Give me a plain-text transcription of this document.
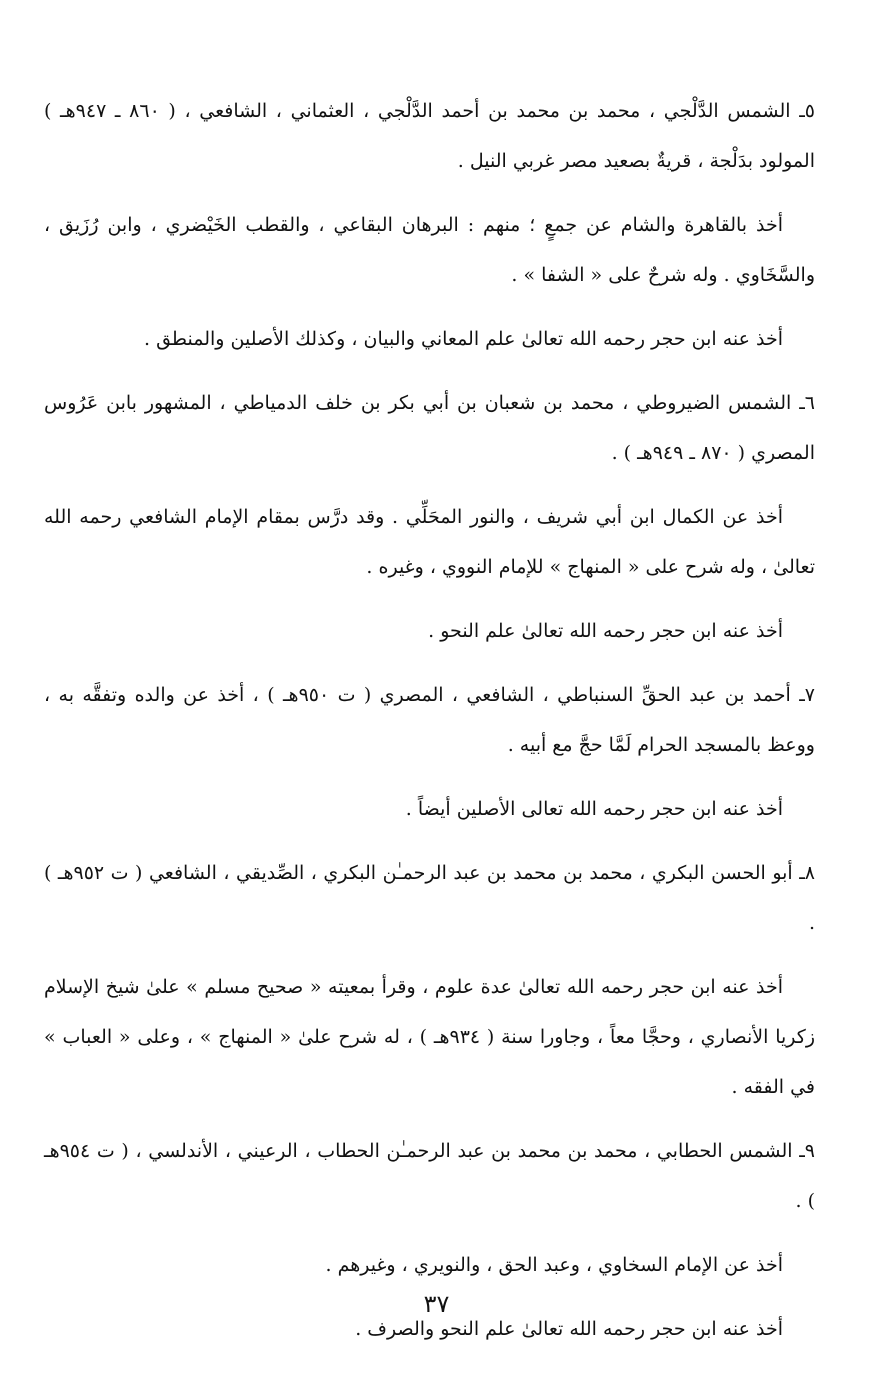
٥ـ الشمس الدَّلْجي ، محمد بن محمد بن أحمد الدَّلْجي ، العثماني ، الشافعي ، ( ٨٦٠ ـ ٩٤٧هـ ) المولود بدَلْجة ، قريةٌ بصعيد مصر غربي النيل .

أخذ بالقاهرة والشام عن جمعٍ ؛ منهم : البرهان البقاعي ، والقطب الخَيْضري ، وابن رُزَيق ، والسَّخَاوي . وله شرحٌ على « الشفا » .

أخذ عنه ابن حجر رحمه الله تعالىٰ علم المعاني والبيان ، وكذلك الأصلين والمنطق .

٦ـ الشمس الضيروطي ، محمد بن شعبان بن أبي بكر بن خلف الدمياطي ، المشهور بابن عَرُوس المصري ( ٨٧٠ ـ ٩٤٩هـ ) .

أخذ عن الكمال ابن أبي شريف ، والنور المحَلِّي . وقد درَّس بمقام الإمام الشافعي رحمه الله تعالىٰ ، وله شرح على « المنهاج » للإمام النووي ، وغيره .

أخذ عنه ابن حجر رحمه الله تعالىٰ علم النحو .

٧ـ أحمد بن عبد الحقِّ السنباطي ، الشافعي ، المصري ( ت ٩٥٠هـ ) ، أخذ عن والده وتفقَّه به ، ووعظ بالمسجد الحرام لَمَّا حجَّ مع أبيه .

أخذ عنه ابن حجر رحمه الله تعالى الأصلين أيضاً .

٨ـ أبو الحسن البكري ، محمد بن محمد بن عبد الرحمـٰن البكري ، الصِّديقي ، الشافعي ( ت ٩٥٢هـ ) .

أخذ عنه ابن حجر رحمه الله تعالىٰ عدة علوم ، وقرأ بمعيته « صحيح مسلم » علىٰ شيخ الإسلام زكريا الأنصاري ، وحجَّا معاً ، وجاورا سنة ( ٩٣٤هـ ) ، له شرح علىٰ « المنهاج » ، وعلى « العباب » في الفقه .

٩ـ الشمس الحطابي ، محمد بن محمد بن عبد الرحمـٰن الحطاب ، الرعيني ، الأندلسي ، ( ت ٩٥٤هـ ) .

أخذ عن الإمام السخاوي ، وعبد الحق ، والنويري ، وغيرهم .

أخذ عنه ابن حجر رحمه الله تعالىٰ علم النحو والصرف .

٣٧
